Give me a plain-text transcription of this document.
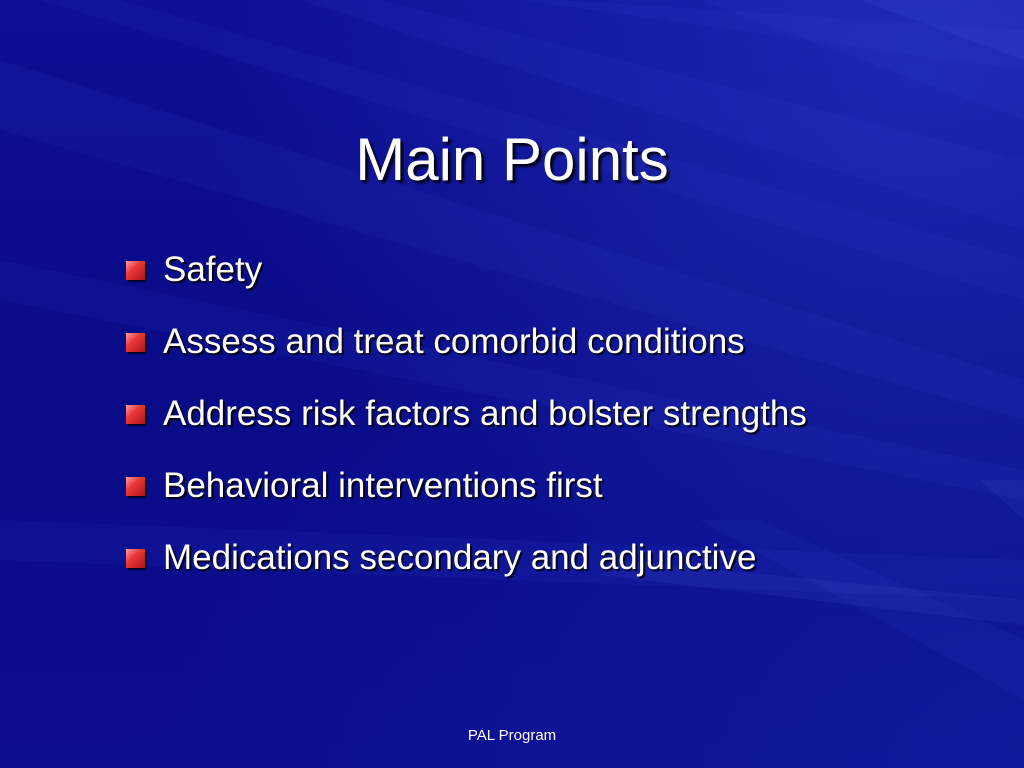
Main Points
Safety
Assess and treat comorbid conditions
Address risk factors and bolster strengths
Behavioral interventions first
Medications secondary and adjunctive
PAL Program
